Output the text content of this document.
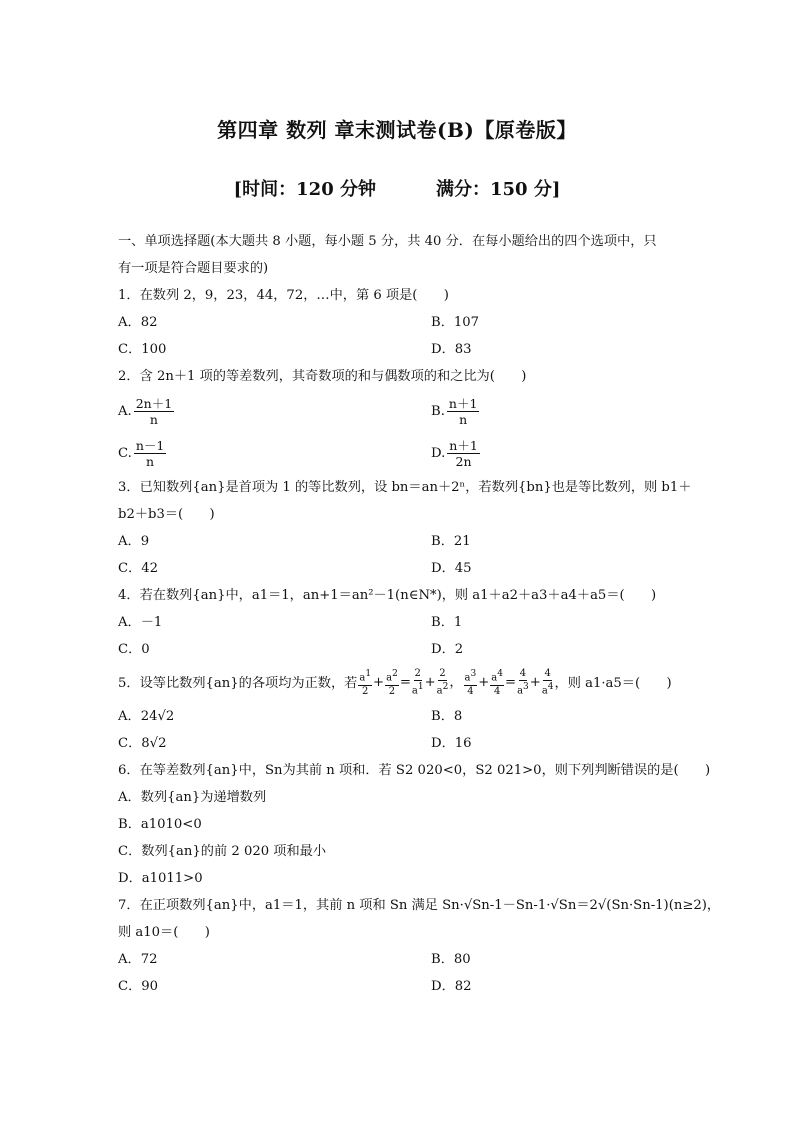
第四章 数列 章末测试卷(B)【原卷版】
[时间：120 分钟	满分：150 分]
一、单项选择题(本大题共 8 小题，每小题 5 分，共 40 分．在每小题给出的四个选项中，只
有一项是符合题目要求的)
1．在数列 2，9，23，44，72，…中，第 6 项是(　　)
A．82	B．107
C．100	D．83
2．含 2n＋1 项的等差数列，其奇数项的和与偶数项的和之比为(　　)
A. $\frac{2n+1}{n}$	B. $\frac{n+1}{n}$
C. $\frac{n-1}{n}$	D. $\frac{n+1}{2n}$
3．已知数列{an}是首项为 1 的等比数列，设 bn＝an＋2ⁿ，若数列{bn}也是等比数列，则 b1＋
b2＋b3＝(　　)
A．9	B．21
C．42	D．45
4．若在数列{an}中，a1＝1，an+1＝an²－1(n∈N*)，则 a1＋a2＋a3＋a4＋a5＝(　　)
A．－1	B．1
C．0	D．2
5．设等比数列{an}的各项均为正数，若 $\frac{a^1}{2} + \frac{a^2}{2} = \frac{2}{a^1} + \frac{2}{a^2}$ ， $\frac{a^3}{4} + \frac{a^4}{4} = \frac{4}{a^3} + \frac{4}{a^4}$ ，则 a1·a5＝(　　)
A．24√2	B．8
C．8√2	D．16
6．在等差数列{an}中，Sn为其前 n 项和．若 S2 020<0，S2 021>0，则下列判断错误的是(　　)
A．数列{an}为递增数列
B．a1010<0
C．数列{an}的前 2 020 项和最小
D．a1011>0
7．在正项数列{an}中，a1＝1，其前 n 项和 Sn 满足 Sn·√Sn-1－Sn-1·√Sn＝2√(Sn·Sn-1)(n≥2)，
则 a10＝(　　)
A．72	B．80
C．90	D．82
